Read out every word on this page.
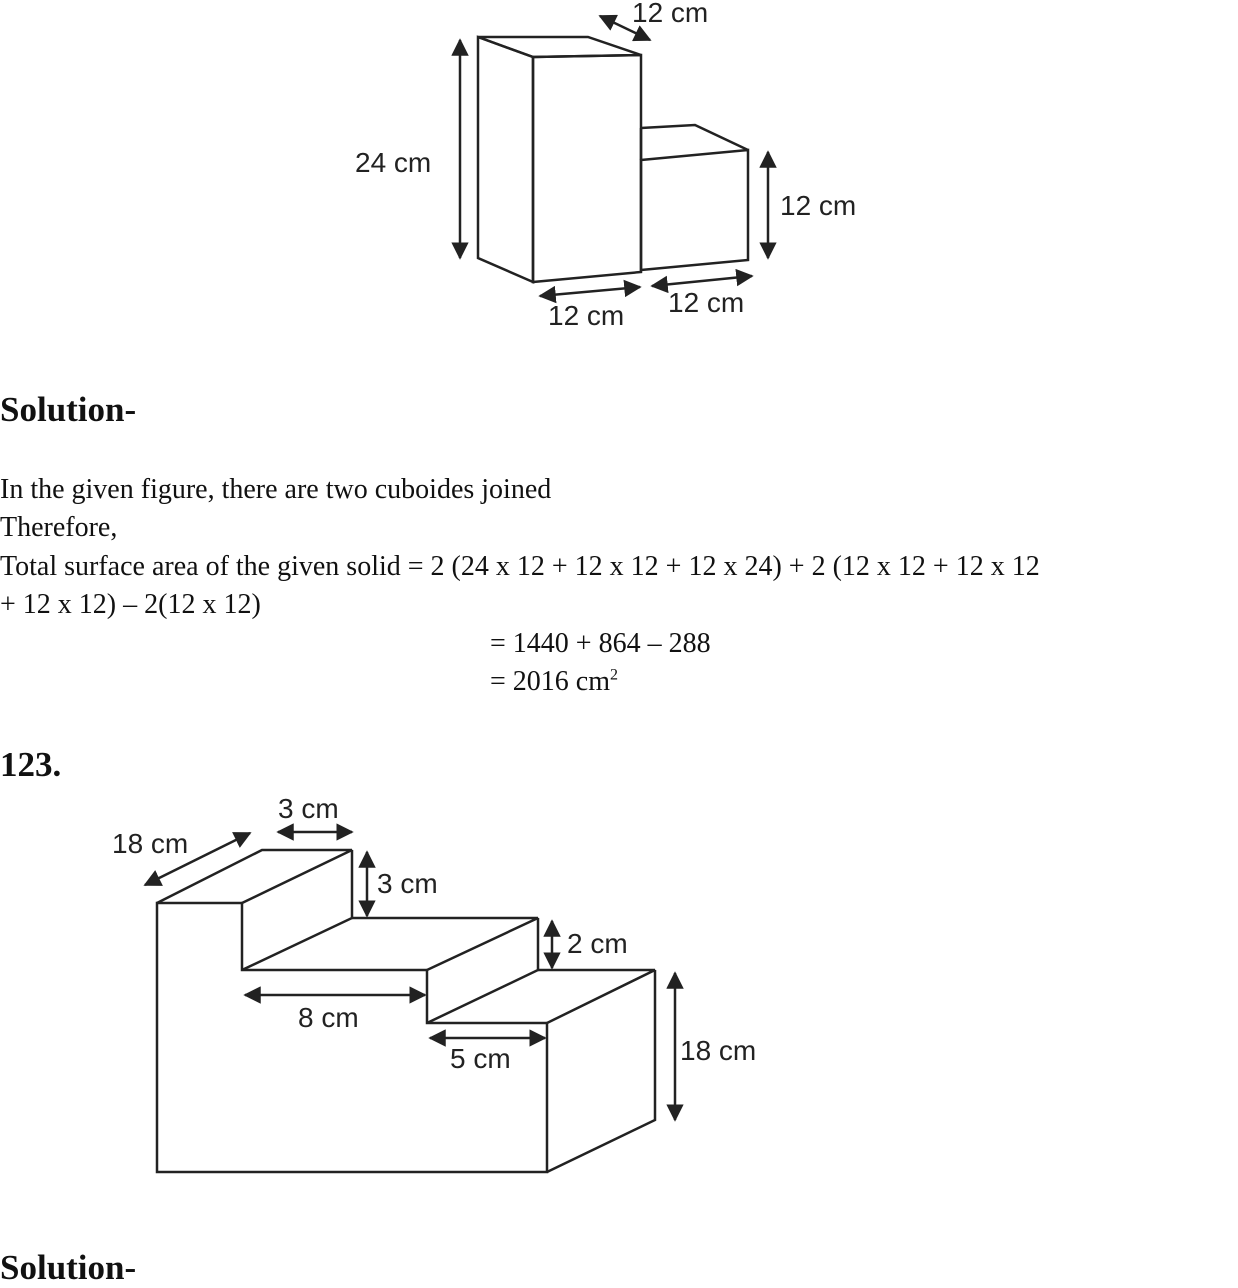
12 cm
24 cm
12 cm
12 cm 12 cm
18 cm
3 cm
3 cm
2 cm
8 cm
5 cm	18 cm
Solution-
In the given figure, there are two cuboides joined
Therefore,
Total surface area of the given solid = 2 (24 x 12 + 12 x 12 + 12 x 24) + 2 (12 x 12 + 12 x 12
+ 12 x 12) – 2(12 x 12)
= 1440 + 864 – 288
= 2016 $cm^2$
123.
Solution-
